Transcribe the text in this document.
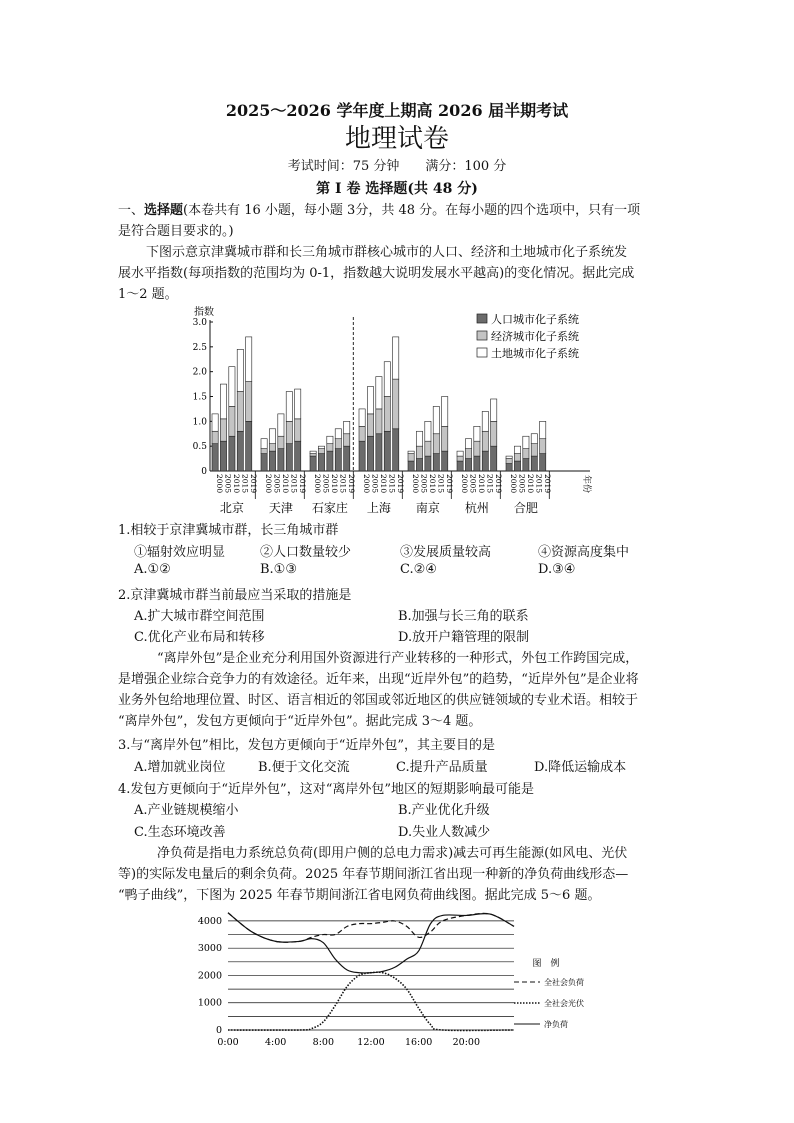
2025～2026 学年度上期高 2026 届半期考试
地理试卷
考试时间：75 分钟　　满分：100 分
第 I 卷 选择题(共 48 分)
一、选择题(本卷共有 16 小题，每小题 3分，共 48 分。在每小题的四个选项中，只有一项
是符合题目要求的。)
下图示意京津冀城市群和长三角城市群核心城市的人口、经济和土地城市化子系统发
展水平指数(每项指数的范围均为 0-1，指数越大说明发展水平越高)的变化情况。据此完成
1～2 题。
指数
0
0.5
1.0
1.5
2.0
2.5
3.0
2000 2005 2010 2015 2019
北京
2000 2005 2010 2015 2019
天津
2000 2005 2010 2015 2019
石家庄
2000 2005 2010 2015 2019
上海
2000 2005 2010 2015 2019
南京
2000 2005 2010 2015 2019
杭州
2000 2005 2010 2015 2019
合肥
年份
人口城市化子系统
经济城市化子系统
土地城市化子系统
1.相较于京津冀城市群，长三角城市群
①辐射效应明显	②人口数量较少	③发展质量较高	④资源高度集中
A.①②	B.①③	C.②④	D.③④
2.京津冀城市群当前最应当采取的措施是
A.扩大城市群空间范围	B.加强与长三角的联系
C.优化产业布局和转移	D.放开户籍管理的限制
“离岸外包”是企业充分利用国外资源进行产业转移的一种形式，外包工作跨国完成，
是增强企业综合竞争力的有效途径。近年来，出现“近岸外包”的趋势，“近岸外包”是企业将
业务外包给地理位置、时区、语言相近的邻国或邻近地区的供应链领域的专业术语。相较于
“离岸外包”，发包方更倾向于“近岸外包”。据此完成 3～4 题。
3.与“离岸外包”相比，发包方更倾向于“近岸外包”，其主要目的是
A.增加就业岗位 B.便于文化交流	C.提升产品质量	D.降低运输成本
4.发包方更倾向于“近岸外包”，这对“离岸外包”地区的短期影响最可能是
A.产业链规模缩小	B.产业优化升级
C.生态环境改善	D.失业人数减少
净负荷是指电力系统总负荷(即用户侧的总电力需求)减去可再生能源(如风电、光伏
等)的实际发电量后的剩余负荷。2025 年春节期间浙江省出现一种新的净负荷曲线形态—
“鸭子曲线”，下图为 2025 年春节期间浙江省电网负荷曲线图。据此完成 5～6 题。
0
1000
2000
3000
4000
0:00	4:00	8:00 12:00 16:00 20:00
图　例
全社会负荷
全社会光伏
净负荷
